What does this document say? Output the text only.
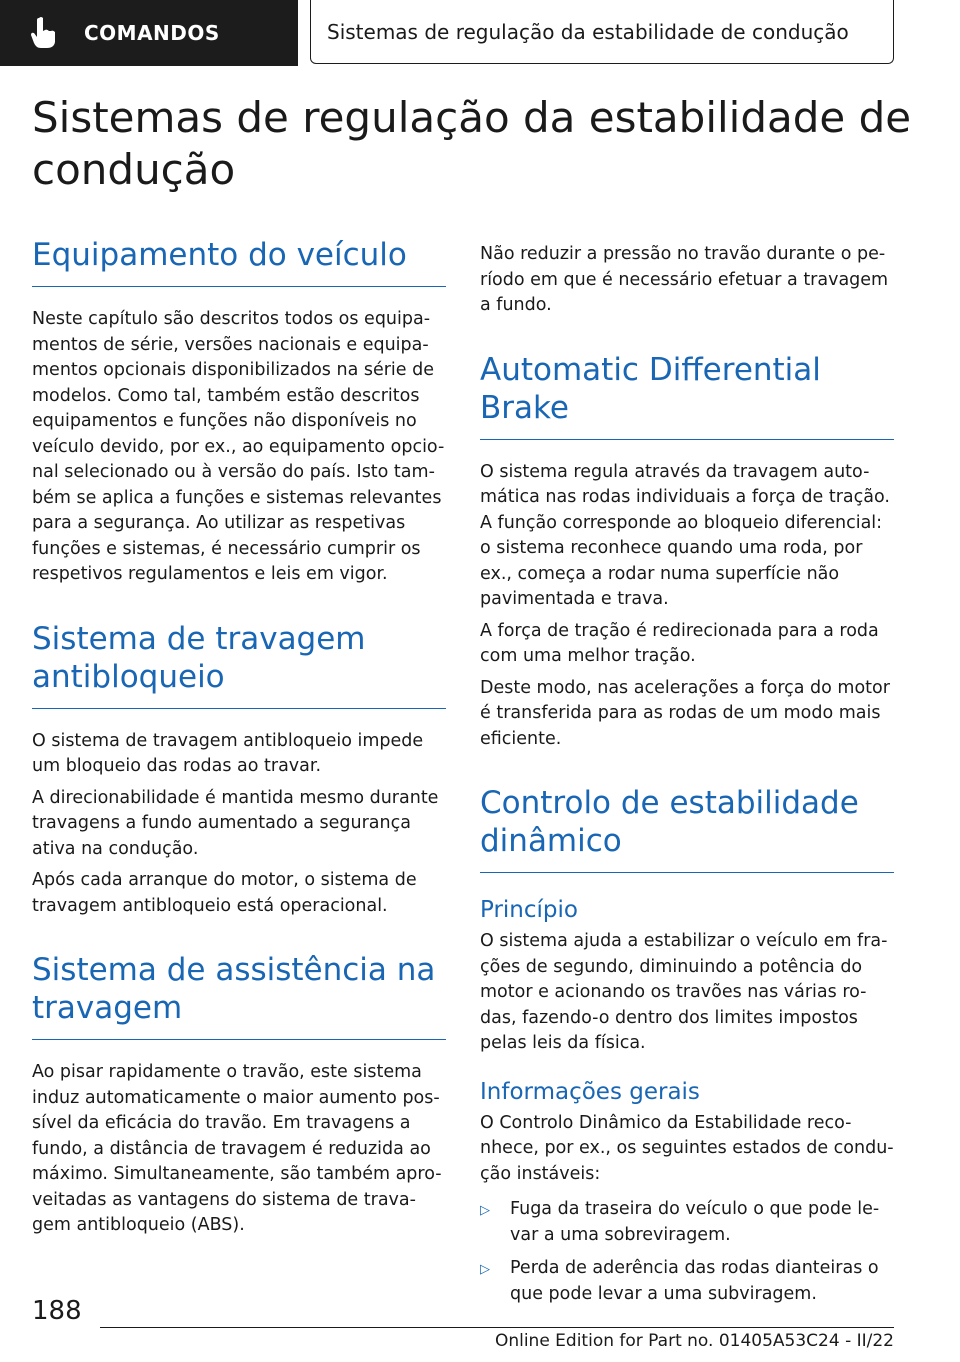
COMANDOS	Sistemas de regulação da estabilidade de condução
Sistemas de regulação da estabilidade de condução
Equipamento do veículo

Neste capítulo são descritos todos os equipa-mentos de série, versões nacionais e equipa-mentos opcionais disponibilizados na série de modelos. Como tal, também estão descritos equipamentos e funções não disponíveis no veículo devido, por ex., ao equipamento opcio-nal selecionado ou à versão do país. Isto tam-bém se aplica a funções e sistemas relevantes para a segurança. Ao utilizar as respetivas funções e sistemas, é necessário cumprir os respetivos regulamentos e leis em vigor.

Sistema de travagem antibloqueio

O sistema de travagem antibloqueio impede um bloqueio das rodas ao travar.

A direcionabilidade é mantida mesmo durante travagens a fundo aumentado a segurança ativa na condução.

Após cada arranque do motor, o sistema de travagem antibloqueio está operacional.

Sistema de assistência na travagem

Ao pisar rapidamente o travão, este sistema induz automaticamente o maior aumento pos-sível da eficácia do travão. Em travagens a fundo, a distância de travagem é reduzida ao máximo. Simultaneamente, são também apro-veitadas as vantagens do sistema de trava-gem antibloqueio (ABS).

Não reduzir a pressão no travão durante o pe-ríodo em que é necessário efetuar a travagem a fundo.

Automatic Differential Brake

O sistema regula através da travagem auto-mática nas rodas individuais a força de tração. A função corresponde ao bloqueio diferencial: o sistema reconhece quando uma roda, por ex., começa a rodar numa superfície não pavimentada e trava.

A força de tração é redirecionada para a roda com uma melhor tração.

Deste modo, nas acelerações a força do motor é transferida para as rodas de um modo mais eficiente.

Controlo de estabilidade dinâmico
Princípio

O sistema ajuda a estabilizar o veículo em fra-ções de segundo, diminuindo a potência do motor e acionando os travões nas várias ro-das, fazendo-o dentro dos limites impostos pelas leis da física.

Informações gerais

O Controlo Dinâmico da Estabilidade reco-nhece, por ex., os seguintes estados de condu-ção instáveis:

▷	Fuga da traseira do veículo o que pode le-var a uma sobreviragem.
▷	Perda de aderência das rodas dianteiras o que pode levar a uma subviragem.
188
Online Edition for Part no. 01405A53C24 - II/22
